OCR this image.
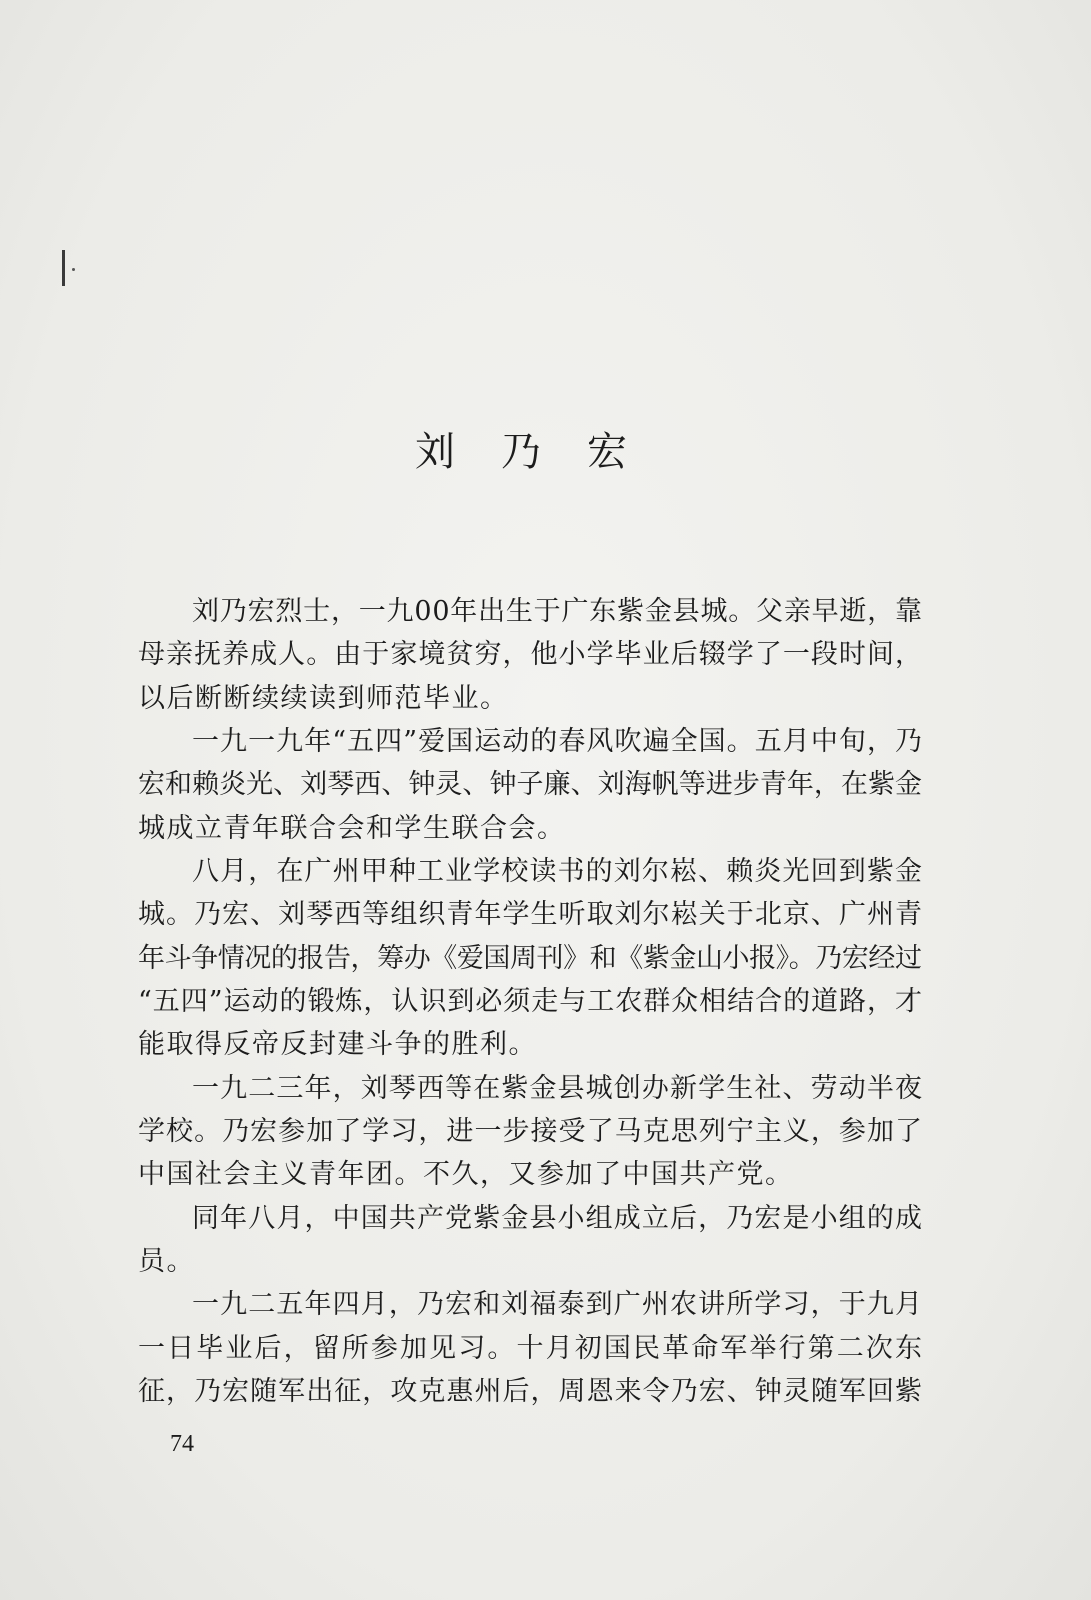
刘乃宏
刘乃宏烈士，一九00年出生于广东紫金县城。父亲早逝，靠
母亲抚养成人。由于家境贫穷，他小学毕业后辍学了一段时间，
以后断断续续读到师范毕业。
一九一九年“五四”爱国运动的春风吹遍全国。五月中旬，乃
宏和赖炎光、刘琴西、钟灵、钟子廉、刘海帆等进步青年，在紫金
城成立青年联合会和学生联合会。
八月，在广州甲种工业学校读书的刘尔崧、赖炎光回到紫金
城。乃宏、刘琴西等组织青年学生听取刘尔崧关于北京、广州青
年斗争情况的报告，筹办《爱国周刊》和《紫金山小报》。乃宏经过
“五四”运动的锻炼，认识到必须走与工农群众相结合的道路，才
能取得反帝反封建斗争的胜利。
一九二三年，刘琴西等在紫金县城创办新学生社、劳动半夜
学校。乃宏参加了学习，进一步接受了马克思列宁主义，参加了
中国社会主义青年团。不久，又参加了中国共产党。
同年八月，中国共产党紫金县小组成立后，乃宏是小组的成
员。
一九二五年四月，乃宏和刘福泰到广州农讲所学习，于九月
一日毕业后，留所参加见习。十月初国民革命军举行第二次东
征，乃宏随军出征，攻克惠州后，周恩来令乃宏、钟灵随军回紫
74
